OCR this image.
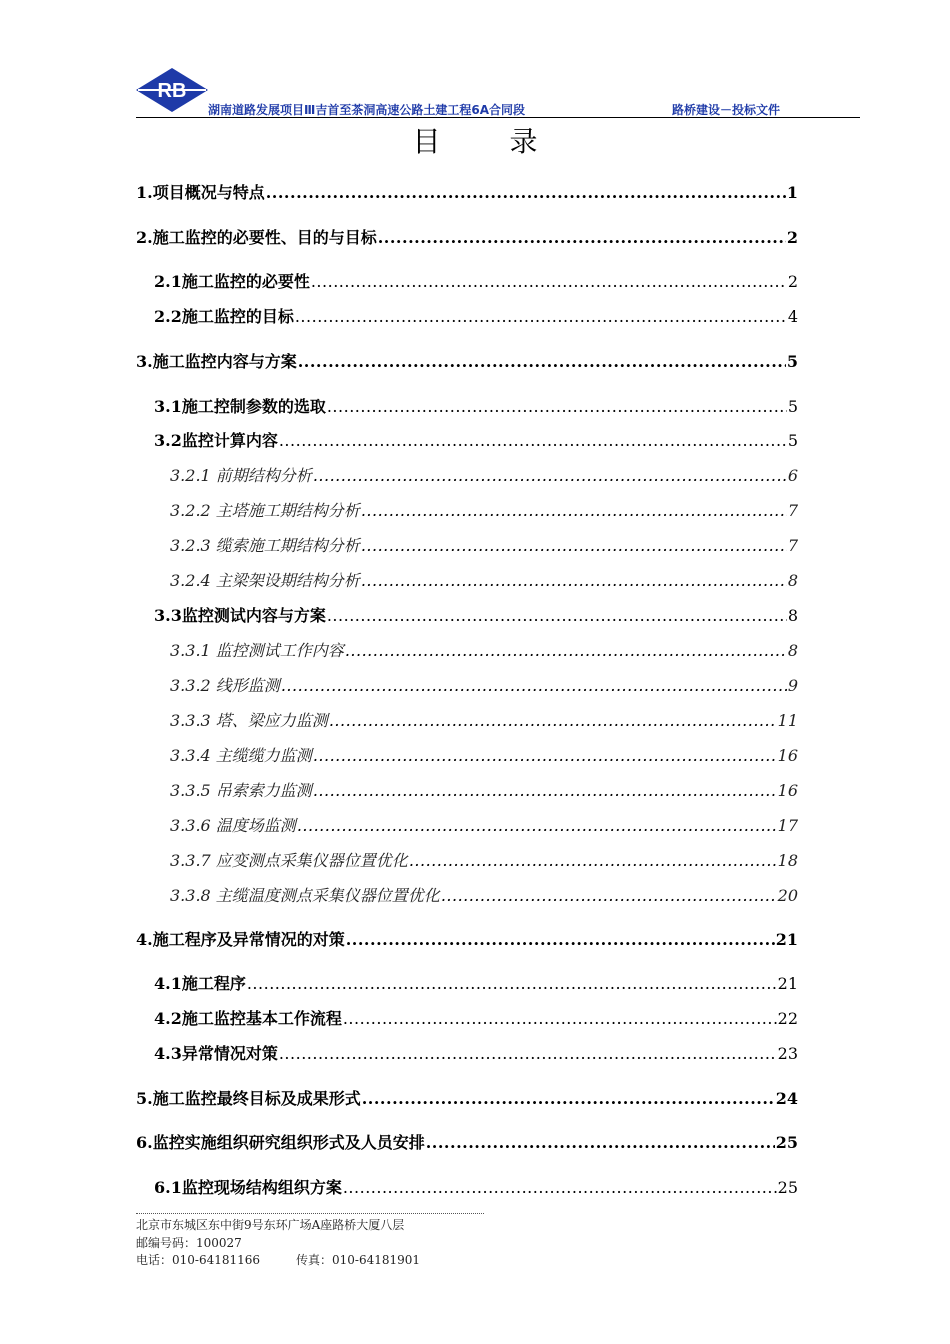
RB
湖南道路发展项目Ⅲ吉首至茶洞高速公路土建工程6A合同段	路桥建设－投标文件
目 录
1.项目概况与特点 .....	1
2.施工监控的必要性、目的与目标 .....	2
2.1施工监控的必要性 .....	2
2.2施工监控的目标 .....	4
3.施工监控内容与方案 .....	5
3.1施工控制参数的选取 .....	5
3.2监控计算内容 .....	5
3.2.1 前期结构分析 .....	6
3.2.2 主塔施工期结构分析 .....	7
3.2.3 缆索施工期结构分析 .....	7
3.2.4 主梁架设期结构分析 .....	8
3.3监控测试内容与方案 .....	8
3.3.1 监控测试工作内容 .....	8
3.3.2 线形监测 .....	9
3.3.3 塔、梁应力监测 .....	11
3.3.4 主缆缆力监测 .....	16
3.3.5 吊索索力监测 .....	16
3.3.6 温度场监测 .....	17
3.3.7 应变测点采集仪器位置优化 .....	18
3.3.8 主缆温度测点采集仪器位置优化 .....	20
4.施工程序及异常情况的对策 .....	21
4.1施工程序 .....	21
4.2施工监控基本工作流程 .....	22
4.3异常情况对策 .....	23
5.施工监控最终目标及成果形式 .....	24
6.监控实施组织研究组织形式及人员安排 .....	25
6.1监控现场结构组织方案 .....	25
北京市东城区东中街9号东环广场A座路桥大厦八层
邮编号码：100027
电话：010-64181166	传真：010-64181901
